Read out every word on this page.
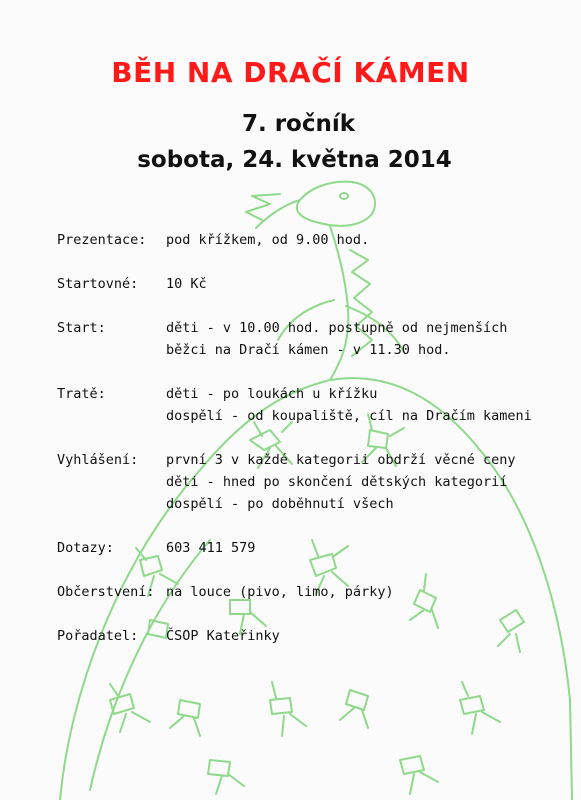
BĚH NA DRAČÍ KÁMEN
7. ročník
sobota, 24. května 2014
Prezentace:	pod křížkem, od 9.00 hod.
Startovné:	10 Kč
Start:	děti - v 10.00 hod. postupně od nejmenších
běžci na Dračí kámen - v 11.30 hod.
Tratě:	děti - po loukách u křížku
dospělí - od koupaliště, cíl na Dračím kameni
Vyhlášení:	první 3 v každé kategorii obdrží věcné ceny
děti - hned po skončení dětských kategorií
dospělí - po doběhnutí všech
Dotazy:	603 411 579
Občerstvení: na louce (pivo, limo, párky)
Pořadatel:	ČSOP Kateřinky
